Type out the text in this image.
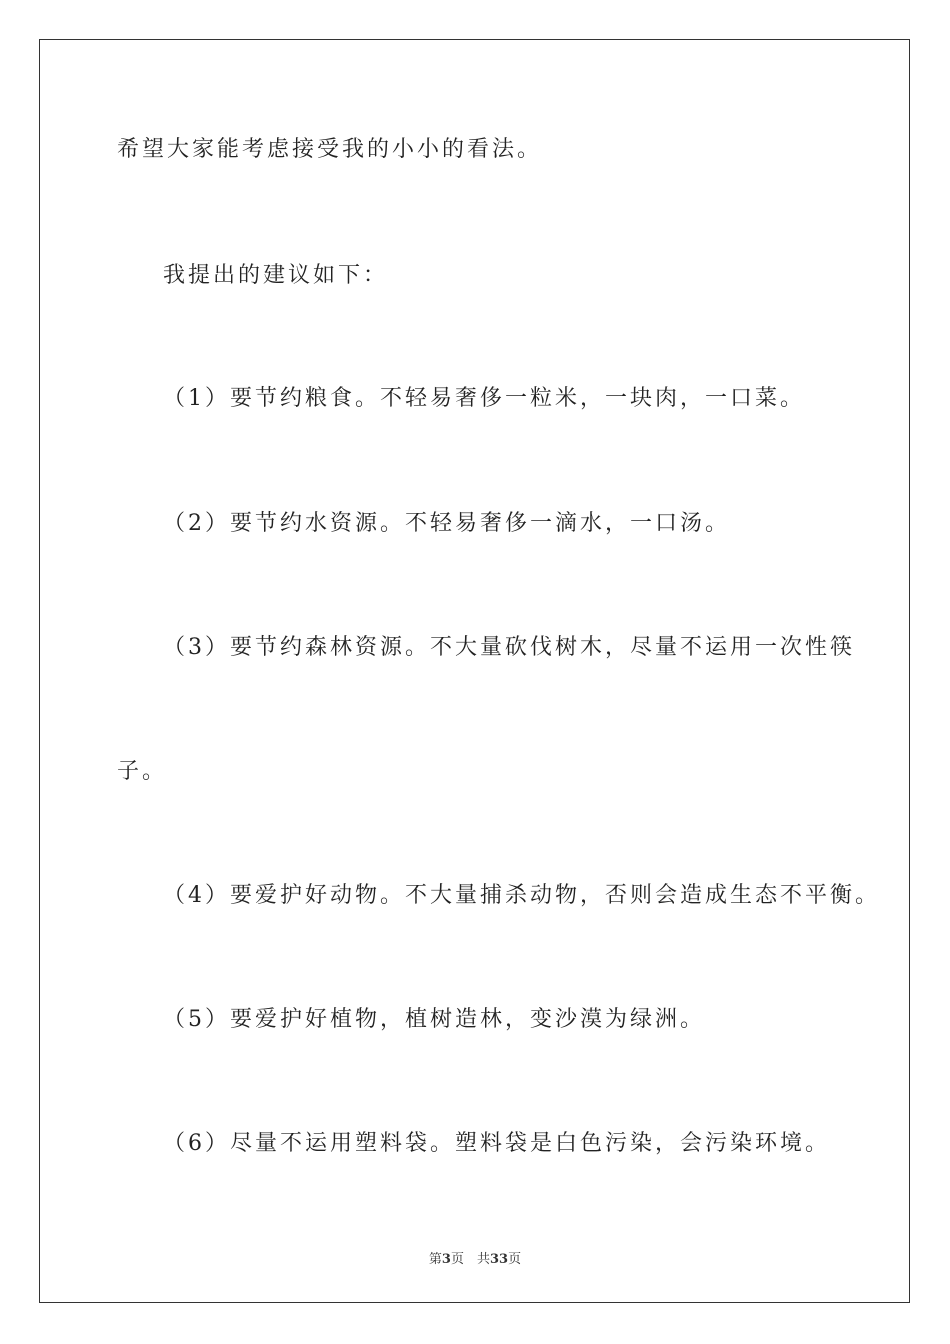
希望大家能考虑接受我的小小的看法。
我提出的建议如下：
（1）要节约粮食。不轻易奢侈一粒米，一块肉，一口菜。
（2）要节约水资源。不轻易奢侈一滴水，一口汤。
（3）要节约森林资源。不大量砍伐树木，尽量不运用一次性筷
子。
（4）要爱护好动物。不大量捕杀动物，否则会造成生态不平衡。
（5）要爱护好植物，植树造林，变沙漠为绿洲。
（6）尽量不运用塑料袋。塑料袋是白色污染，会污染环境。
第3页　共33页
